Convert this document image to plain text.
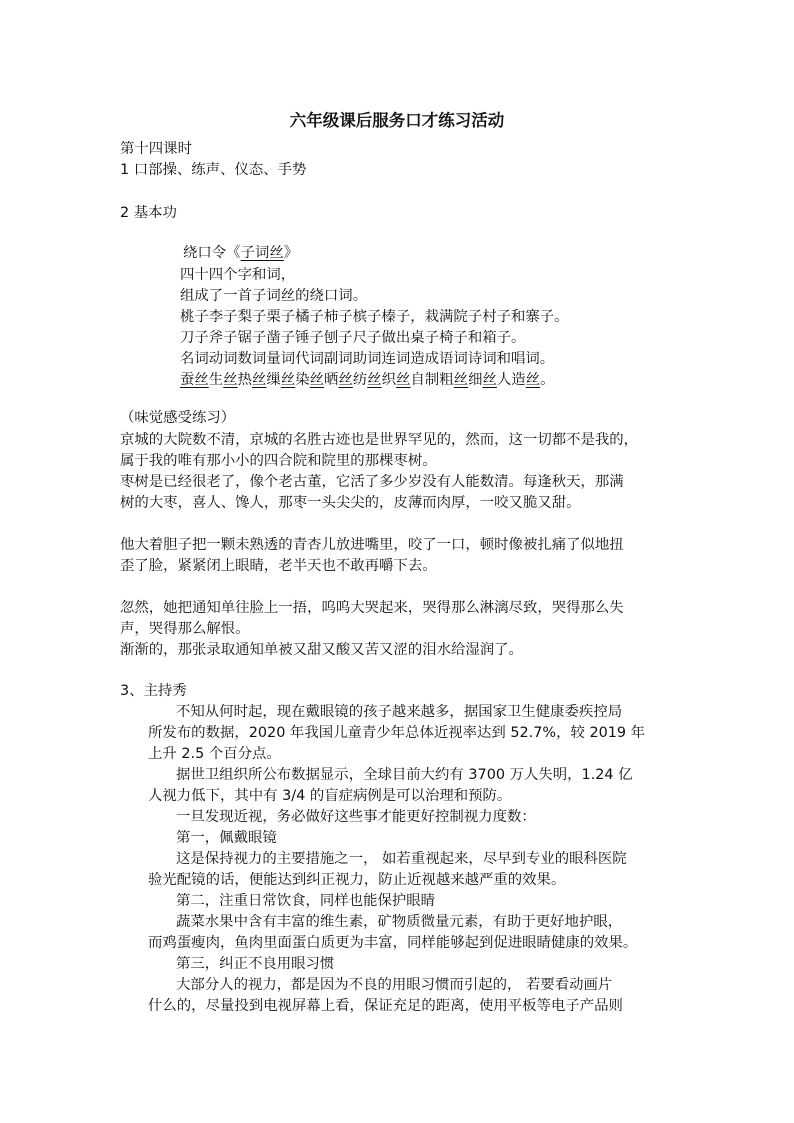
六年级课后服务口才练习活动
第十四课时
1 口部操、练声、仪态、手势
2 基本功
绕口令《子词丝》
四十四个字和词，
组成了一首子词丝的绕口词。
桃子李子梨子栗子橘子柿子槟子榛子，栽满院子村子和寨子。
刀子斧子锯子凿子锤子刨子尺子做出桌子椅子和箱子。
名词动词数词量词代词副词助词连词造成语词诗词和唱词。
蚕丝生丝热丝缫丝染丝晒丝纺丝织丝自制粗丝细丝人造丝。
（味觉感受练习）
京城的大院数不清，京城的名胜古迹也是世界罕见的，然而，这一切都不是我的，
属于我的唯有那小小的四合院和院里的那棵枣树。
枣树是已经很老了，像个老古董，它活了多少岁没有人能数清。每逢秋天，那满
树的大枣，喜人、馋人，那枣一头尖尖的，皮薄而肉厚，一咬又脆又甜。
他大着胆子把一颗未熟透的青杏儿放进嘴里，咬了一口，顿时像被扎痛了似地扭
歪了脸，紧紧闭上眼睛，老半天也不敢再嚼下去。
忽然，她把通知单往脸上一捂，呜呜大哭起来，哭得那么淋漓尽致，哭得那么失
声，哭得那么解恨。
渐渐的，那张录取通知单被又甜又酸又苦又涩的泪水给湿润了。
3、主持秀
不知从何时起，现在戴眼镜的孩子越来越多，据国家卫生健康委疾控局
所发布的数据，2020 年我国儿童青少年总体近视率达到 52.7%，较 2019 年
上升 2.5 个百分点。
据世卫组织所公布数据显示，全球目前大约有 3700 万人失明，1.24 亿
人视力低下，其中有 3/4 的盲症病例是可以治理和预防。
一旦发现近视，务必做好这些事才能更好控制视力度数：
第一，佩戴眼镜
这是保持视力的主要措施之一， 如若重视起来，尽早到专业的眼科医院
验光配镜的话，便能达到纠正视力，防止近视越来越严重的效果。
第二，注重日常饮食，同样也能保护眼睛
蔬菜水果中含有丰富的维生素，矿物质微量元素，有助于更好地护眼，
而鸡蛋瘦肉，鱼肉里面蛋白质更为丰富，同样能够起到促进眼睛健康的效果。
第三，纠正不良用眼习惯
大部分人的视力，都是因为不良的用眼习惯而引起的， 若要看动画片
什么的，尽量投到电视屏幕上看，保证充足的距离，使用平板等电子产品则
